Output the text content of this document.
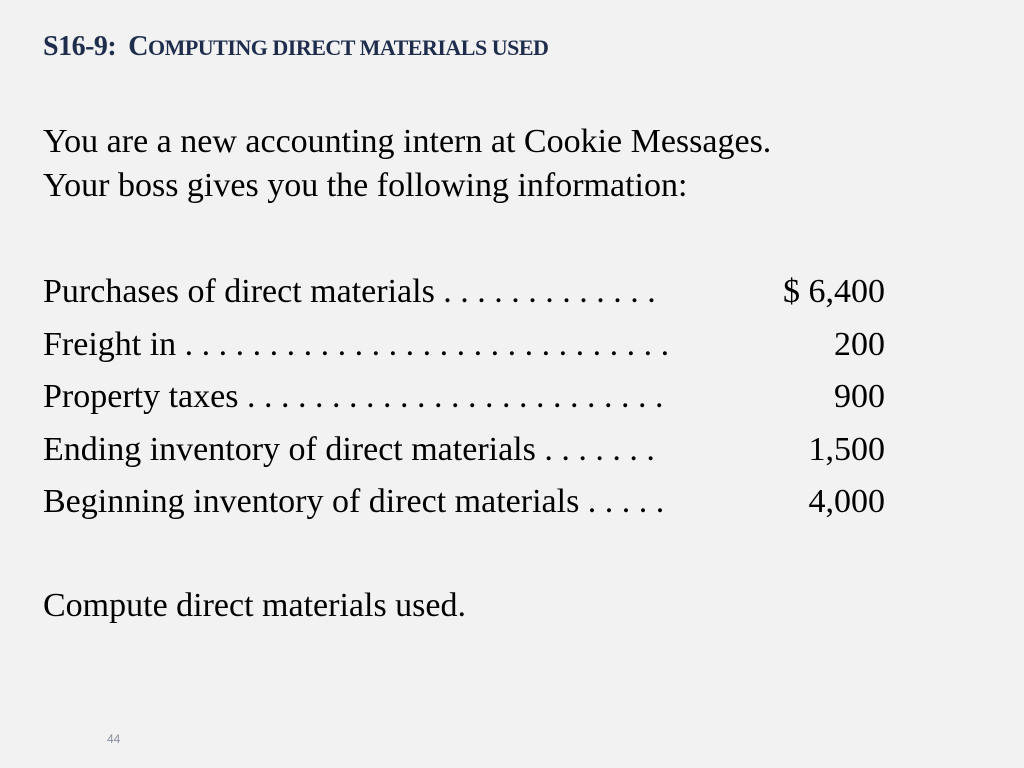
S16-9: COMPUTING DIRECT MATERIALS USED
You are a new accounting intern at Cookie Messages.
Your boss gives you the following information:
Purchases of direct materials . . . . . . . . . . . . .	$ 6,400
Freight in . . . . . . . . . . . . . . . . . . . . . . . . . . . . .	200
Property taxes . . . . . . . . . . . . . . . . . . . . . . . . .	900
Ending inventory of direct materials . . . . . . .	1,500
Beginning inventory of direct materials . . . . .	4,000
Compute direct materials used.
44
